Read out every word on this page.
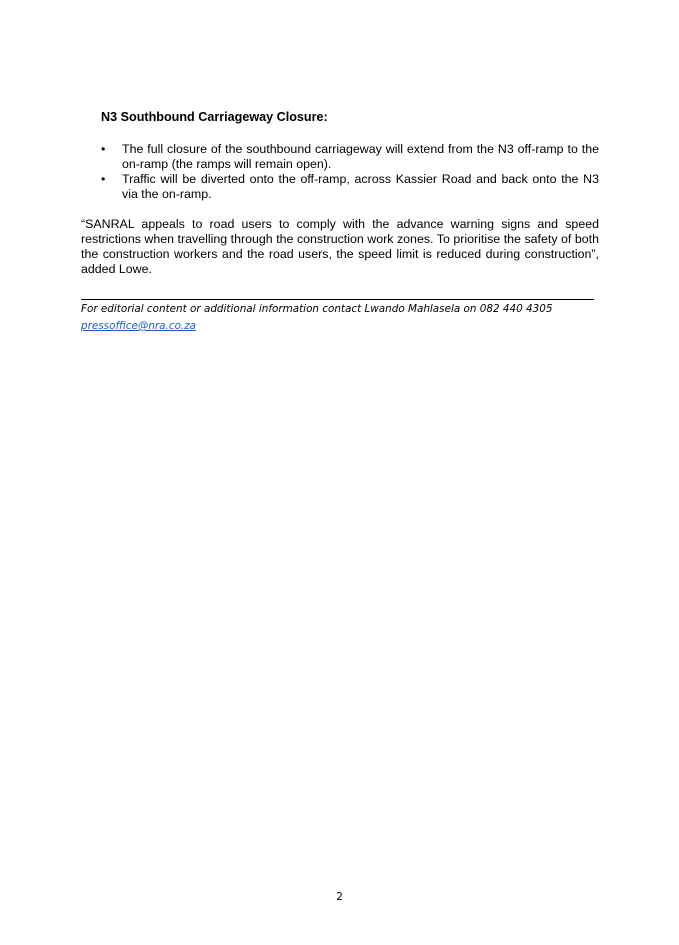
N3 Southbound Carriageway Closure:
•	The full closure of the southbound carriageway will extend from the N3 off-ramp to the on-ramp (the ramps will remain open).
•	Traffic will be diverted onto the off-ramp, across Kassier Road and back onto the N3 via the on-ramp.

“SANRAL appeals to road users to comply with the advance warning signs and speed restrictions when travelling through the construction work zones. To prioritise the safety of both the construction workers and the road users, the speed limit is reduced during construction”, added Lowe.

For editorial content or additional information contact Lwando Mahlasela on 082 440 4305
pressoffice@nra.co.za
2
